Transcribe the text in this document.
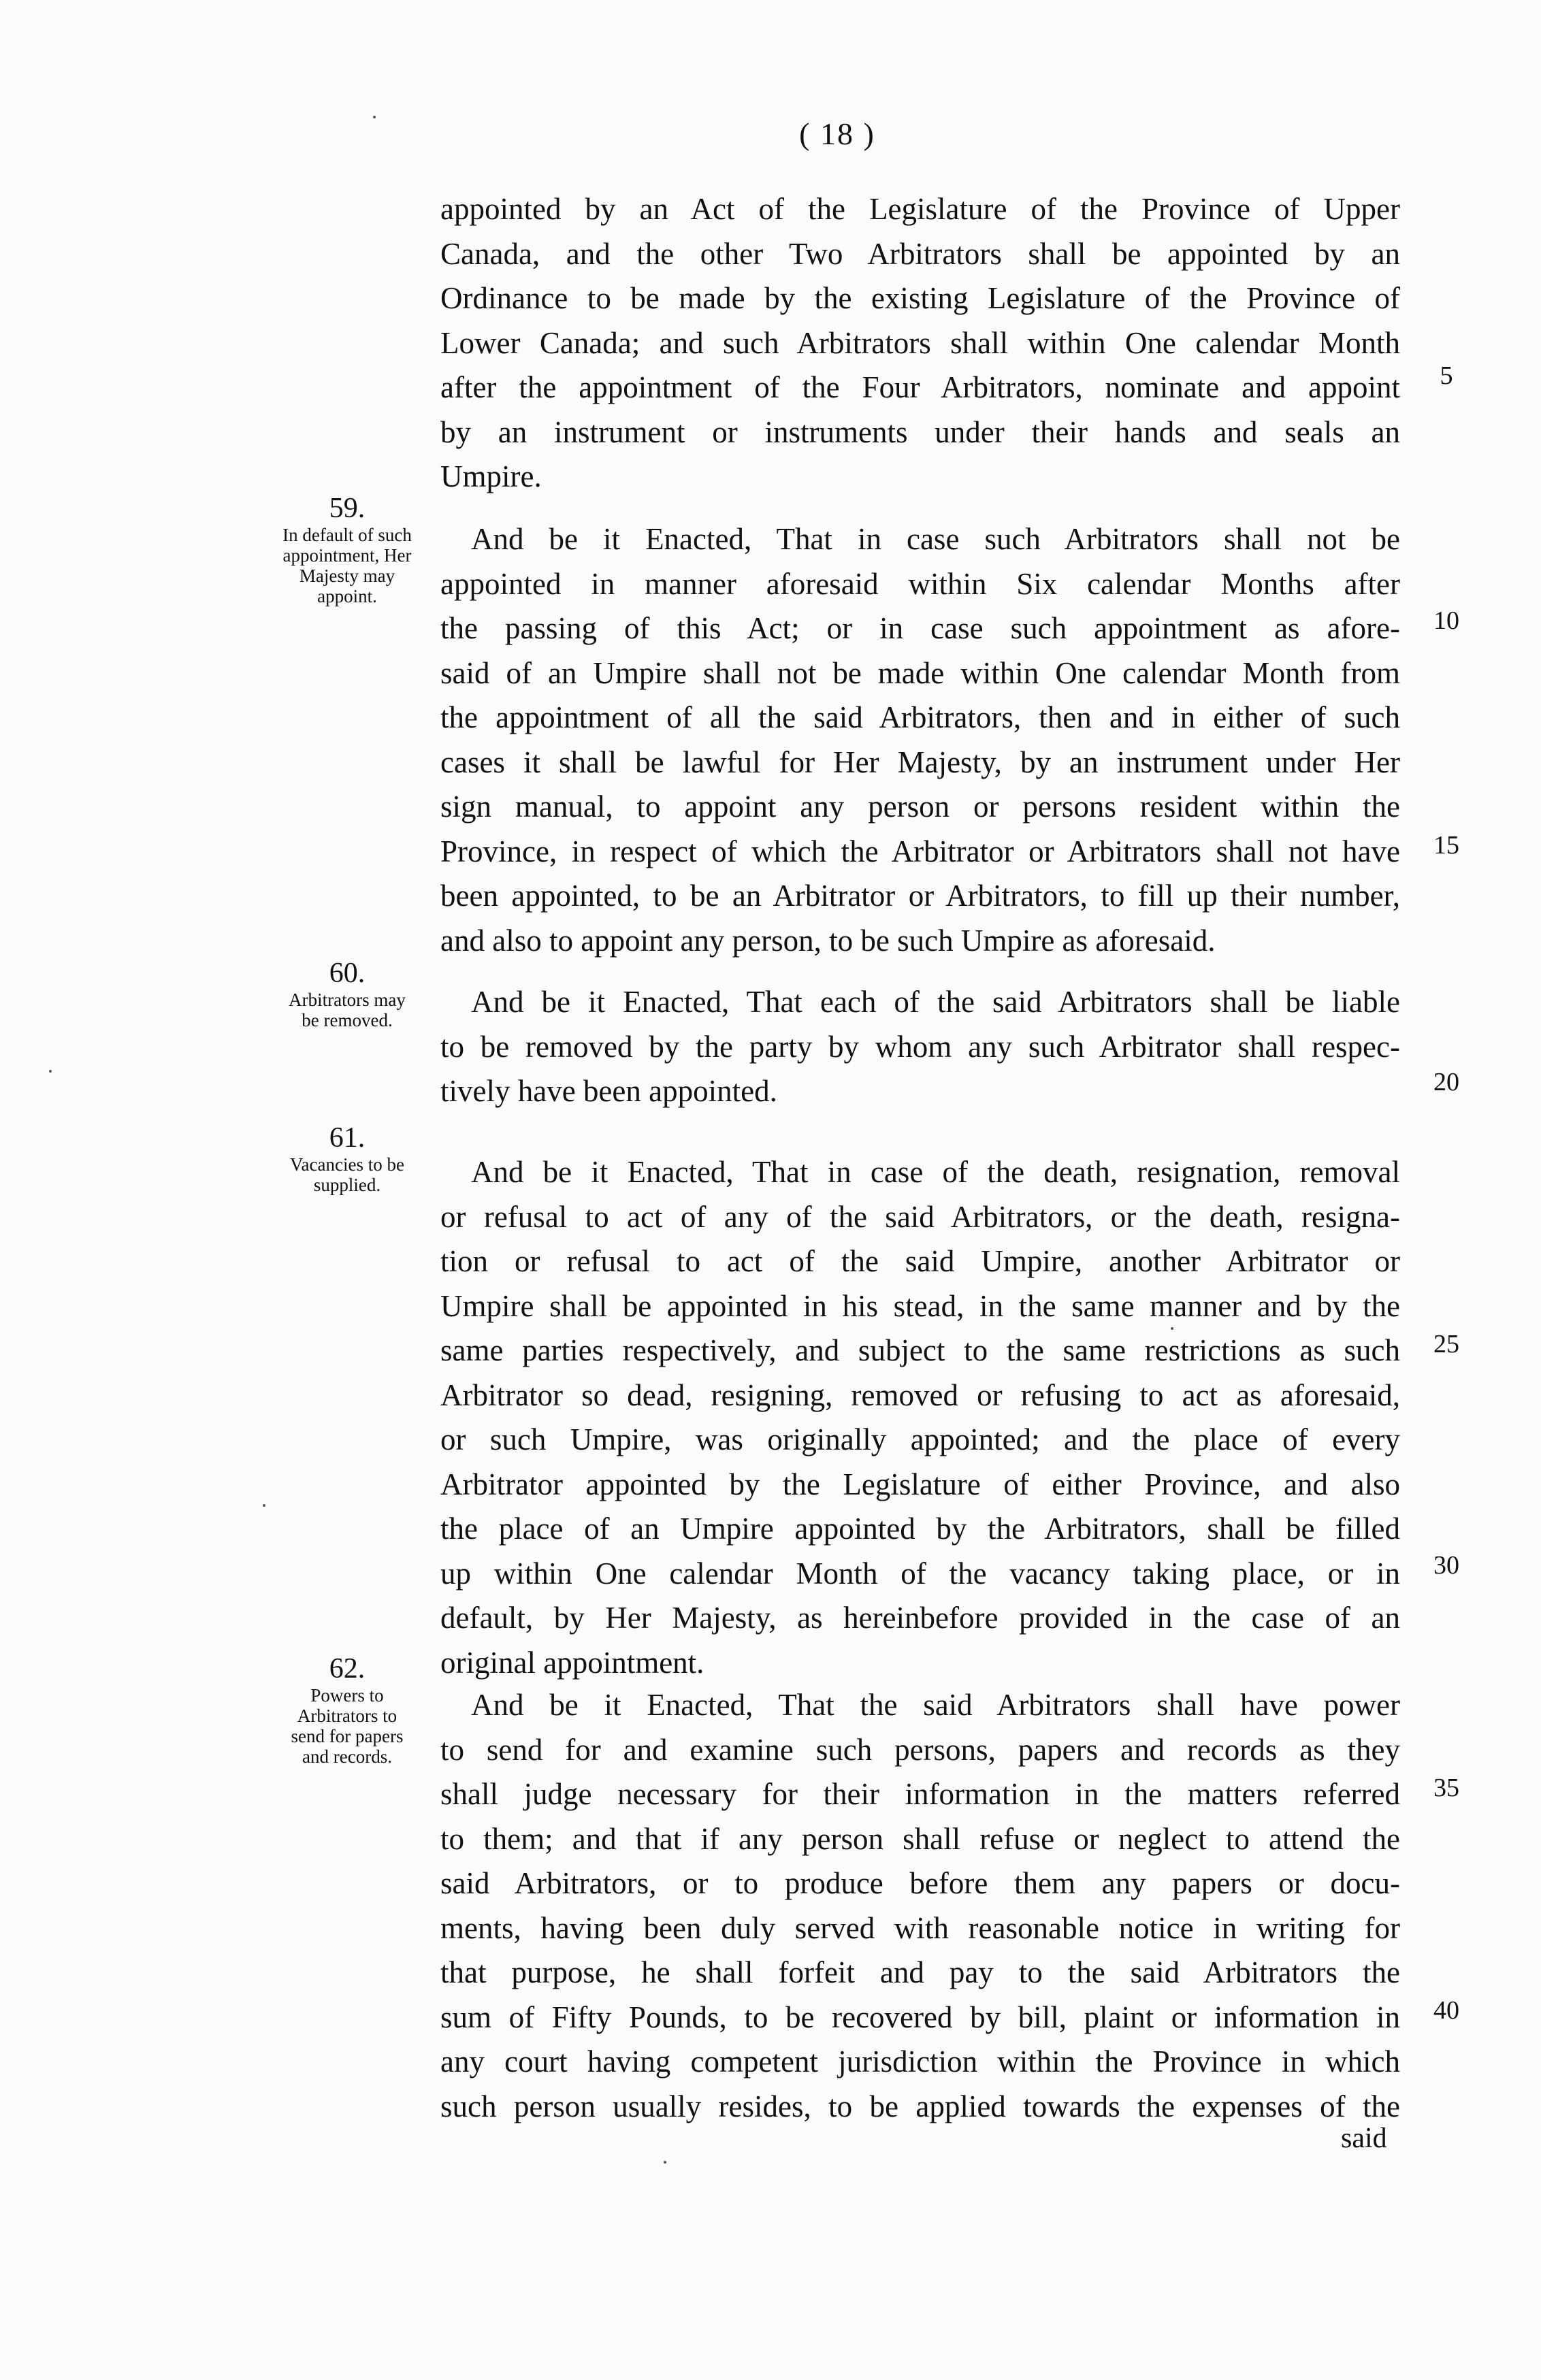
( 18 )
appointed by an Act of the Legislature of the Province of Upper
Canada, and the other Two Arbitrators shall be appointed by an
Ordinance to be made by the existing Legislature of the Province of
Lower Canada; and such Arbitrators shall within One calendar Month
after the appointment of the Four Arbitrators, nominate and appoint
by an instrument or instruments under their hands and seals an
Umpire.
And be it Enacted, That in case such Arbitrators shall not be
appointed in manner aforesaid within Six calendar Months after
the passing of this Act; or in case such appointment as afore-
said of an Umpire shall not be made within One calendar Month from
the appointment of all the said Arbitrators, then and in either of such
cases it shall be lawful for Her Majesty, by an instrument under Her
sign manual, to appoint any person or persons resident within the
Province, in respect of which the Arbitrator or Arbitrators shall not have
been appointed, to be an Arbitrator or Arbitrators, to fill up their number,
and also to appoint any person, to be such Umpire as aforesaid.
And be it Enacted, That each of the said Arbitrators shall be liable
to be removed by the party by whom any such Arbitrator shall respec-
tively have been appointed.
And be it Enacted, That in case of the death, resignation, removal
or refusal to act of any of the said Arbitrators, or the death, resigna-
tion or refusal to act of the said Umpire, another Arbitrator or
Umpire shall be appointed in his stead, in the same manner and by the
same parties respectively, and subject to the same restrictions as such
Arbitrator so dead, resigning, removed or refusing to act as aforesaid,
or such Umpire, was originally appointed; and the place of every
Arbitrator appointed by the Legislature of either Province, and also
the place of an Umpire appointed by the Arbitrators, shall be filled
up within One calendar Month of the vacancy taking place, or in
default, by Her Majesty, as hereinbefore provided in the case of an
original appointment.
And be it Enacted, That the said Arbitrators shall have power
to send for and examine such persons, papers and records as they
shall judge necessary for their information in the matters referred
to them; and that if any person shall refuse or neglect to attend the
said Arbitrators, or to produce before them any papers or docu-
ments, having been duly served with reasonable notice in writing for
that purpose, he shall forfeit and pay to the said Arbitrators the
sum of Fifty Pounds, to be recovered by bill, plaint or information in
any court having competent jurisdiction within the Province in which
such person usually resides, to be applied towards the expenses of the
59.
In default of such appointment, Her Majesty may appoint.
60.
Arbitrators may be removed.
61.
Vacancies to be supplied.
62.
Powers to Arbitrators to send for papers and records.
5
10
15
20
25
30
35
40
said
